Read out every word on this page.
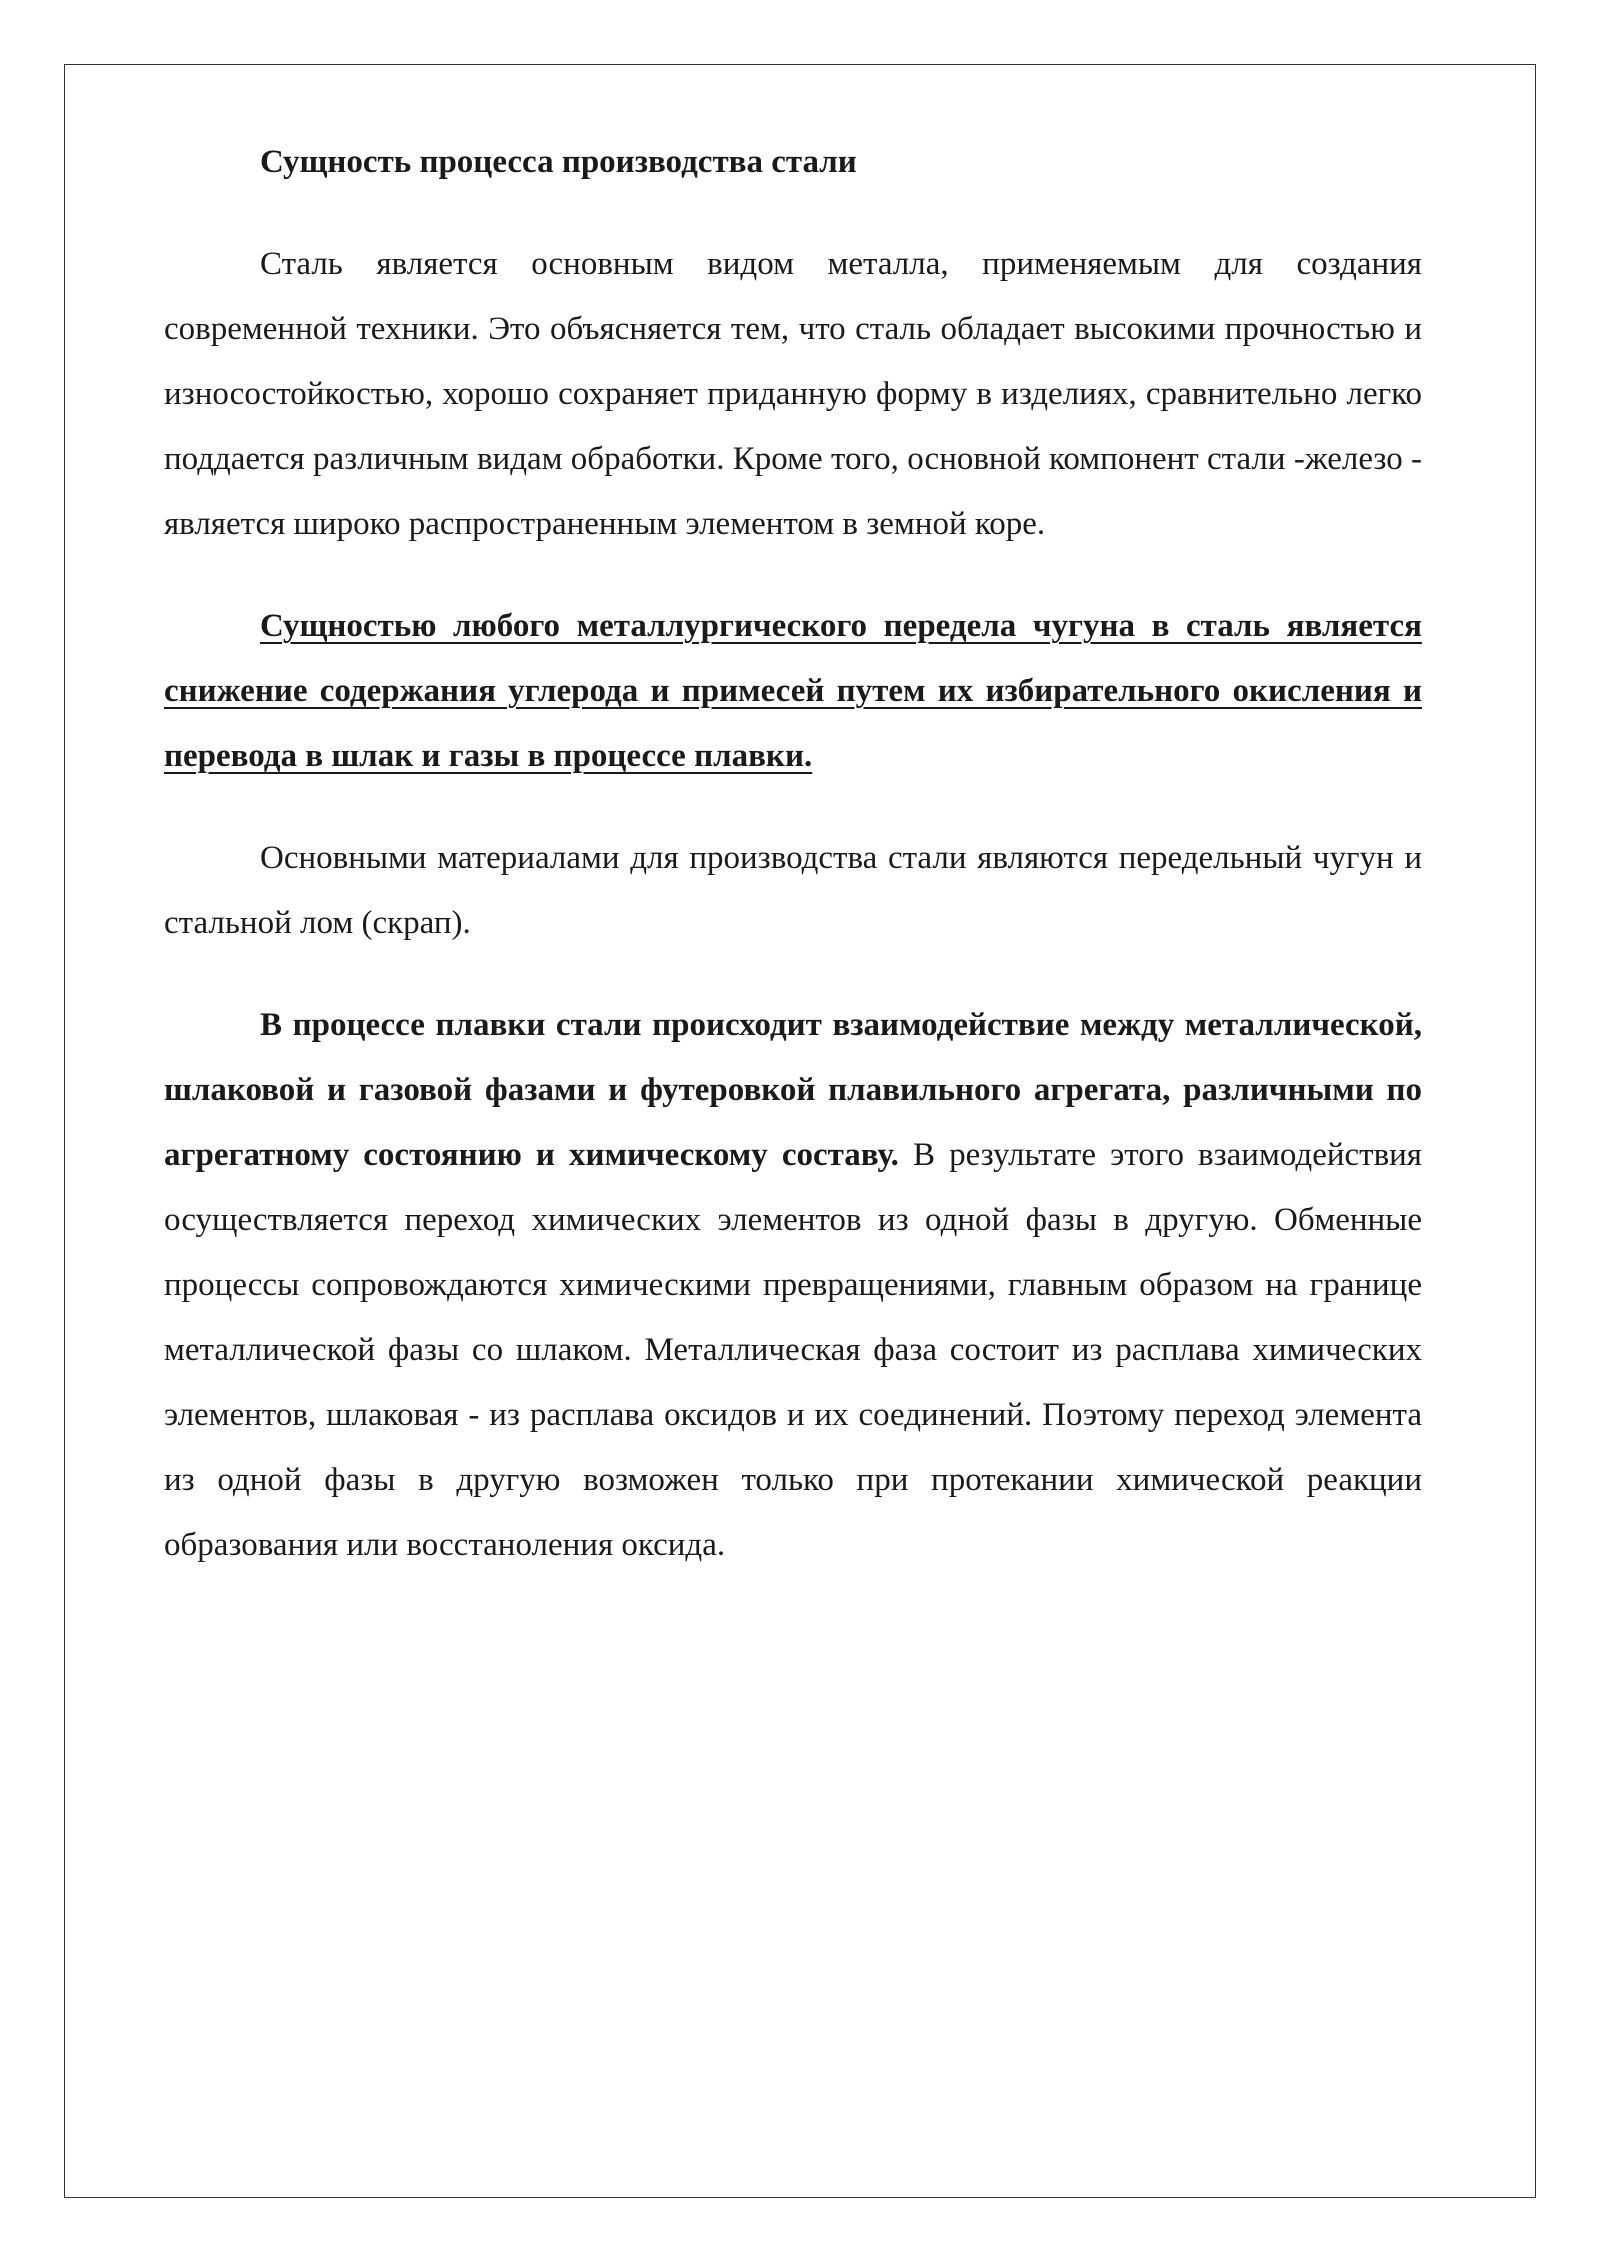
Сущность процесса производства стали

Сталь является основным видом металла, применяемым для создания современной техники. Это объясняется тем, что сталь обладает высокими прочностью и износостойкостью, хорошо сохраняет приданную форму в изделиях, сравнительно легко поддается различным видам обработки. Кроме того, основной компонент стали -железо - является широко распространенным элементом в земной коре.

Сущностью любого металлургического передела чугуна в сталь является снижение содержания углерода и примесей путем их избирательного окисления и перевода в шлак и газы в процессе плавки.

Основными материалами для производства стали являются передельный чугун и стальной лом (скрап).

В процессе плавки стали происходит взаимодействие между металлической, шлаковой и газовой фазами и футеровкой плавильного агрегата, различными по агрегатному состоянию и химическому составу. В результате этого взаимодействия осуществляется переход химических элементов из одной фазы в другую. Обменные процессы сопровождаются химическими превращениями, главным образом на границе металлической фазы со шлаком. Металлическая фаза состоит из расплава химических элементов, шлаковая - из расплава оксидов и их соединений. Поэтому переход элемента из одной фазы в другую возможен только при протекании химической реакции образования или восстаноления оксида.
